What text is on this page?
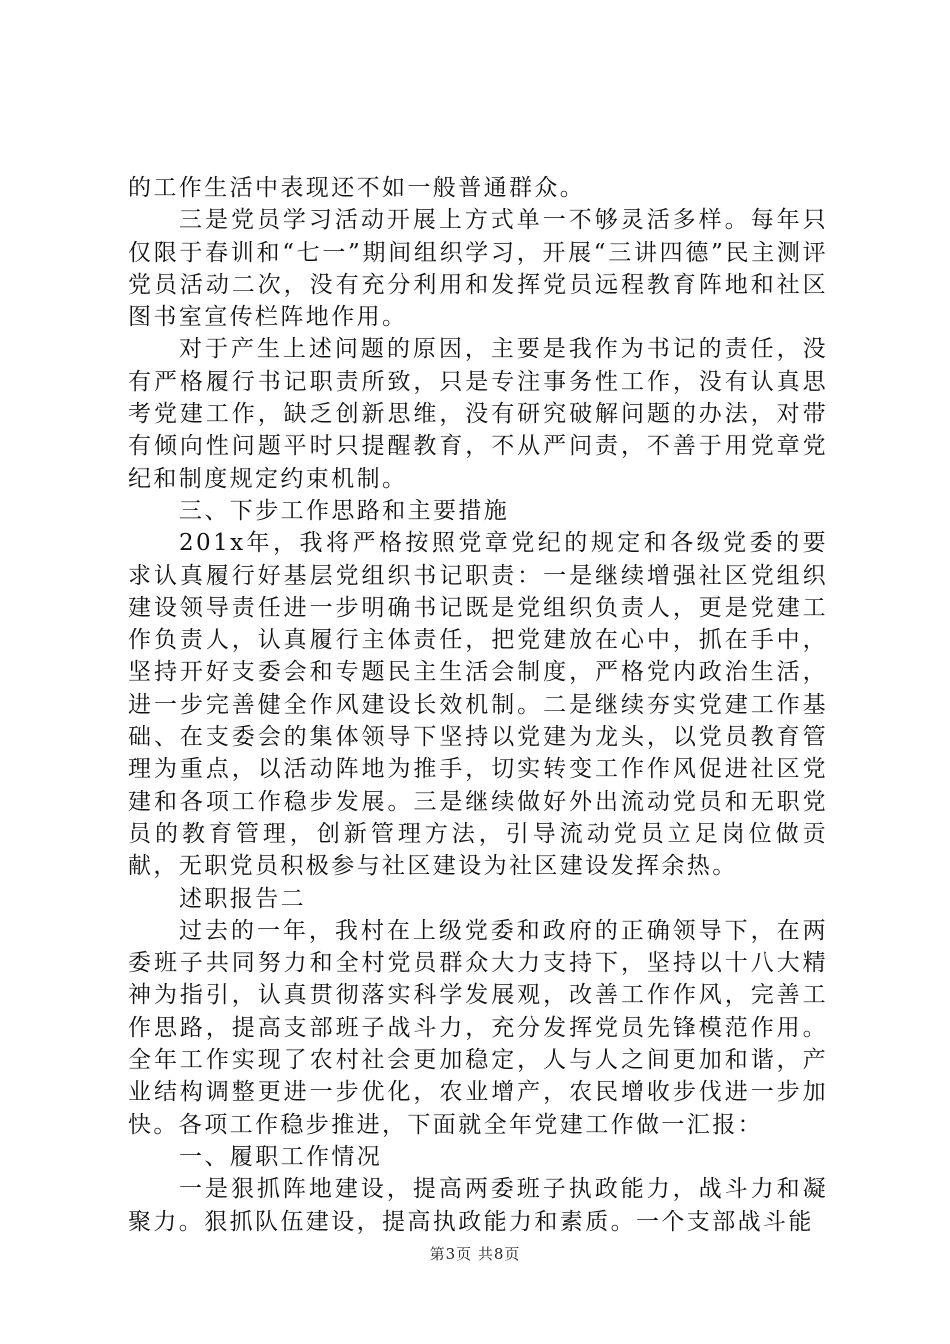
的工作生活中表现还不如一般普通群众。

三是党员学习活动开展上方式单一不够灵活多样。每年只仅限于春训和“七一”期间组织学习，开展“三讲四德”民主测评党员活动二次，没有充分利用和发挥党员远程教育阵地和社区图书室宣传栏阵地作用。

对于产生上述问题的原因，主要是我作为书记的责任，没有严格履行书记职责所致，只是专注事务性工作，没有认真思考党建工作，缺乏创新思维，没有研究破解问题的办法，对带有倾向性问题平时只提醒教育，不从严问责，不善于用党章党纪和制度规定约束机制。

三、下步工作思路和主要措施

201x年，我将严格按照党章党纪的规定和各级党委的要求认真履行好基层党组织书记职责：一是继续增强社区党组织建设领导责任进一步明确书记既是党组织负责人，更是党建工作负责人，认真履行主体责任，把党建放在心中，抓在手中，坚持开好支委会和专题民主生活会制度，严格党内政治生活，进一步完善健全作风建设长效机制。二是继续夯实党建工作基础、在支委会的集体领导下坚持以党建为龙头，以党员教育管理为重点，以活动阵地为推手，切实转变工作作风促进社区党建和各项工作稳步发展。三是继续做好外出流动党员和无职党员的教育管理，创新管理方法，引导流动党员立足岗位做贡献，无职党员积极参与社区建设为社区建设发挥余热。

述职报告二

过去的一年，我村在上级党委和政府的正确领导下，在两委班子共同努力和全村党员群众大力支持下，坚持以十八大精神为指引，认真贯彻落实科学发展观，改善工作作风，完善工作思路，提高支部班子战斗力，充分发挥党员先锋模范作用。全年工作实现了农村社会更加稳定，人与人之间更加和谐，产业结构调整更进一步优化，农业增产，农民增收步伐进一步加快。各项工作稳步推进，下面就全年党建工作做一汇报：

一、履职工作情况

一是狠抓阵地建设，提高两委班子执政能力，战斗力和凝聚力。狠抓队伍建设，提高执政能力和素质。一个支部战斗能

第3页 共8页
